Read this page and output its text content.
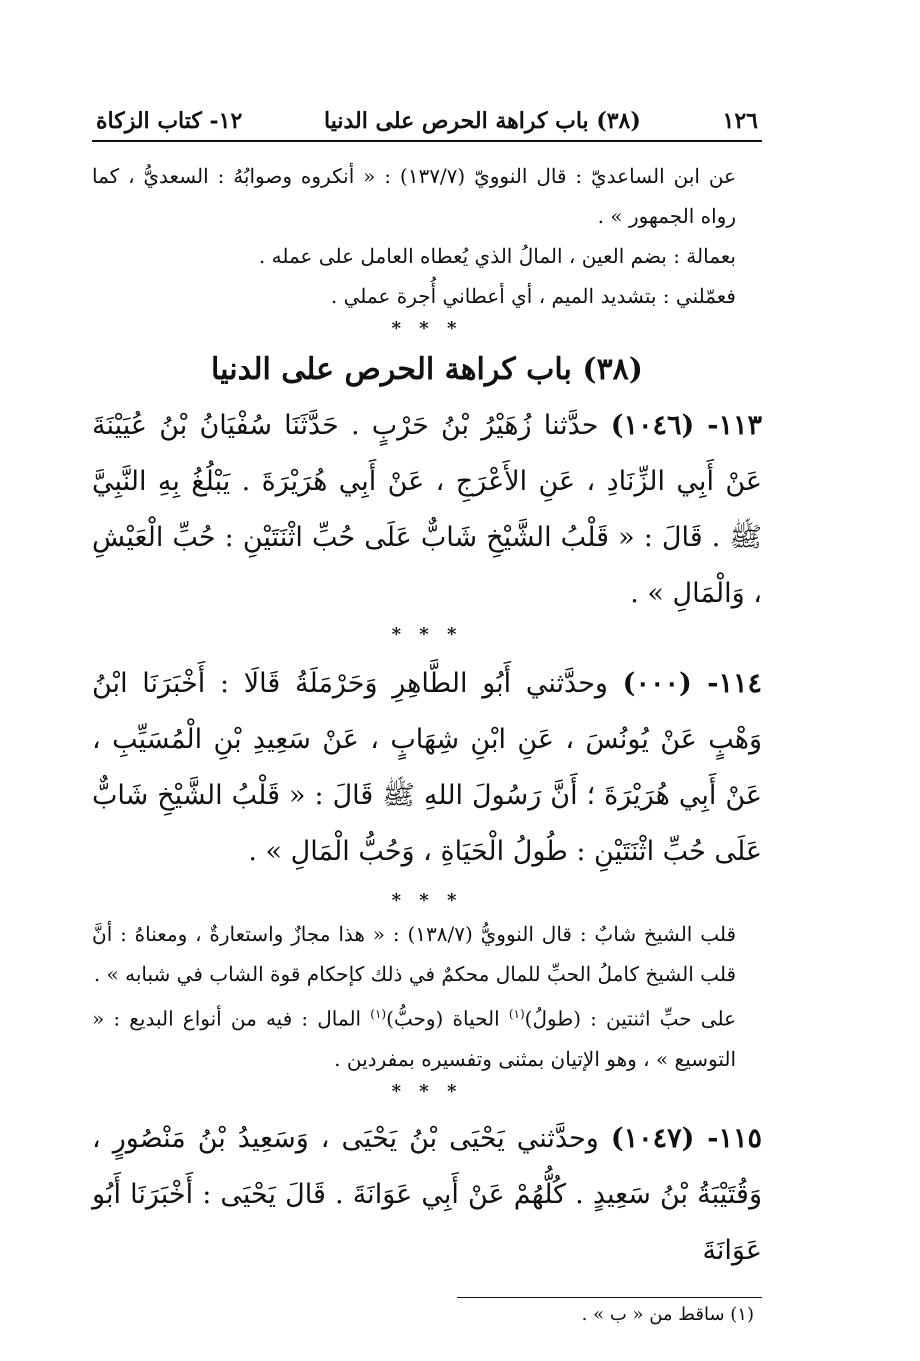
١٢٦
(٣٨) باب كراهة الحرص على الدنيا
١٢- كتاب الزكاة

عن ابن الساعديّ : قال النوويّ (١٣٧/٧) : « أنكروه وصوابُهُ : السعديُّ ، كما رواه الجمهور » .

بعمالة : بضم العين ، المالُ الذي يُعطاه العامل على عمله .

فعمّلني : بتشديد الميم ، أي أعطاني أُجرة عملي .

* * *
(٣٨) باب كراهة الحرص على الدنيا

١١٣- (١٠٤٦) حدَّثنا زُهَيْرُ بْنُ حَرْبٍ . حَدَّثَنَا سُفْيَانُ بْنُ عُيَيْنَةَ عَنْ أَبِي الزِّنَادِ ، عَنِ الأَعْرَجِ ، عَنْ أَبِي هُرَيْرَةَ . يَبْلُغُ بِهِ النَّبِيَّ ﷺ . قَالَ : « قَلْبُ الشَّيْخِ شَابٌّ عَلَى حُبِّ اثْنَتَيْنِ : حُبِّ الْعَيْشِ ، وَالْمَالِ » .

* * *

١١٤- (٠٠٠) وحدَّثني أَبُو الطَّاهِرِ وَحَرْمَلَةُ قَالَا : أَخْبَرَنَا ابْنُ وَهْبٍ عَنْ يُونُسَ ، عَنِ ابْنِ شِهَابٍ ، عَنْ سَعِيدِ بْنِ الْمُسَيِّبِ ، عَنْ أَبِي هُرَيْرَةَ ؛ أَنَّ رَسُولَ اللهِ ﷺ قَالَ : « قَلْبُ الشَّيْخِ شَابٌّ عَلَى حُبِّ اثْنَتَيْنِ : طُولُ الْحَيَاةِ ، وَحُبُّ الْمَالِ » .

* * *

قلب الشيخ شابٌ : قال النوويُّ (١٣٨/٧) : « هذا مجازٌ واستعارةٌ ، ومعناهُ : أنَّ قلب الشيخ كاملُ الحبِّ للمال محكمٌ في ذلك كإحكام قوة الشاب في شبابه » .

على حبِّ اثنتين : (طولُ)$^{(١)}$ الحياة (وحبُّ)$^{(١)}$ المال : فيه من أنواع البديع : « التوسيع » ، وهو الإتيان بمثنى وتفسيره بمفردين .

* * *

١١٥- (١٠٤٧) وحدَّثني يَحْيَى بْنُ يَحْيَى ، وَسَعِيدُ بْنُ مَنْصُورٍ ، وَقُتَيْبَةُ بْنُ سَعِيدٍ . كُلُّهُمْ عَنْ أَبِي عَوَانَةَ . قَالَ يَحْيَى : أَخْبَرَنَا أَبُو عَوَانَةَ

(١) ساقط من « ب » .
